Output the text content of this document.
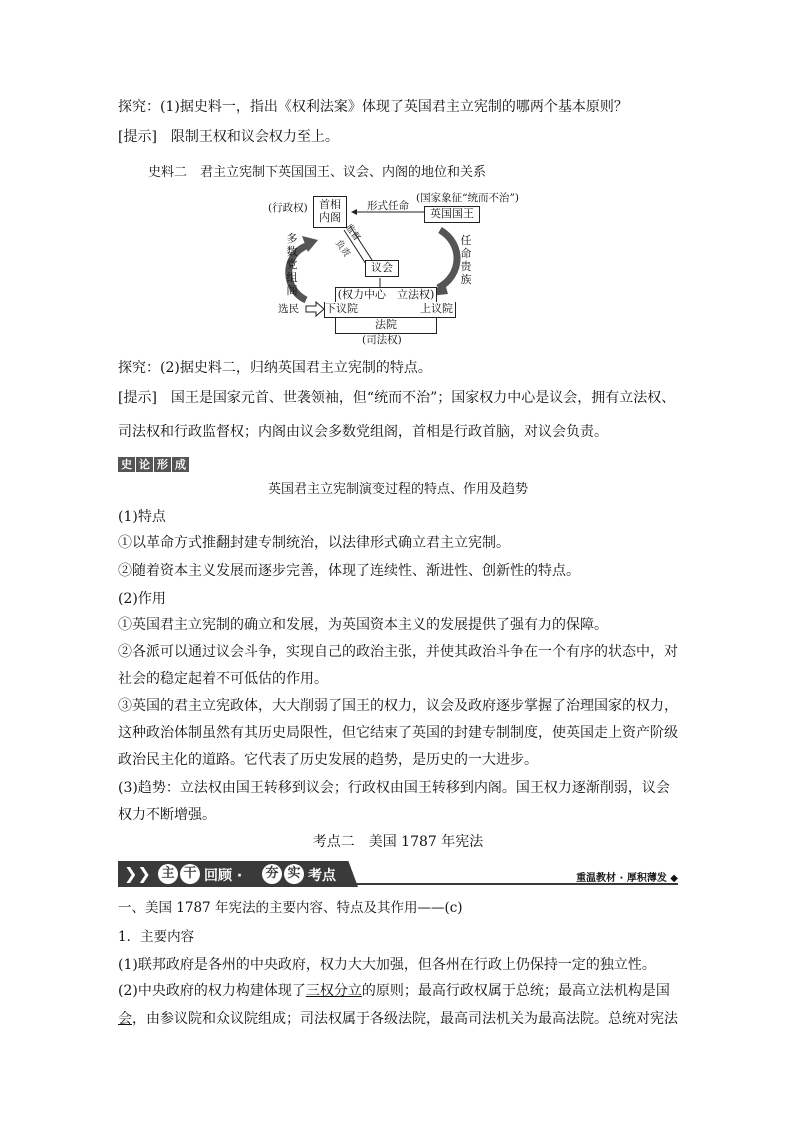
探究：(1)据史料一，指出《权利法案》体现了英国君主立宪制的哪两个基本原则？
[提示]　限制王权和议会权力至上。
史料二　君主立宪制下英国国王、议会、内阁的地位和关系
(行政权)	首相
内阁
形式任命
(国家象征“统而不治”)
英国国王
监督
负责
多数党组阁
任命贵族
议会
(权力中心　立法权)
选民 下议院	上议院
法院
(司法权)
探究：(2)据史料二，归纳英国君主立宪制的特点。
[提示]　国王是国家元首、世袭领袖，但“统而不治”；国家权力中心是议会，拥有立法权、
司法权和行政监督权；内阁由议会多数党组阁，首相是行政首脑，对议会负责。
史 论 形 成
英国君主立宪制演变过程的特点、作用及趋势
(1)特点
①以革命方式推翻封建专制统治，以法律形式确立君主立宪制。
②随着资本主义发展而逐步完善，体现了连续性、渐进性、创新性的特点。
(2)作用
①英国君主立宪制的确立和发展，为英国资本主义的发展提供了强有力的保障。
②各派可以通过议会斗争，实现自己的政治主张，并使其政治斗争在一个有序的状态中，对
社会的稳定起着不可低估的作用。
③英国的君主立宪政体，大大削弱了国王的权力，议会及政府逐步掌握了治理国家的权力，
这种政治体制虽然有其历史局限性，但它结束了英国的封建专制制度，使英国走上资产阶级
政治民主化的道路。它代表了历史发展的趋势，是历史的一大进步。
(3)趋势：立法权由国王转移到议会；行政权由国王转移到内阁。国王权力逐渐削弱，议会
权力不断增强。
考点二　美国 1787 年宪法
❯❯ 主 干 回顾 · 夯 实 考点	重温教材 · 厚积薄发 ◆
一、美国 1787 年宪法的主要内容、特点及其作用——(c)
1．主要内容
(1)联邦政府是各州的中央政府，权力大大加强，但各州在行政上仍保持一定的独立性。
(2)中央政府的权力构建体现了三权分立的原则；最高行政权属于总统；最高立法机构是国
会，由参议院和众议院组成；司法权属于各级法院，最高司法机关为最高法院。总统对宪法
